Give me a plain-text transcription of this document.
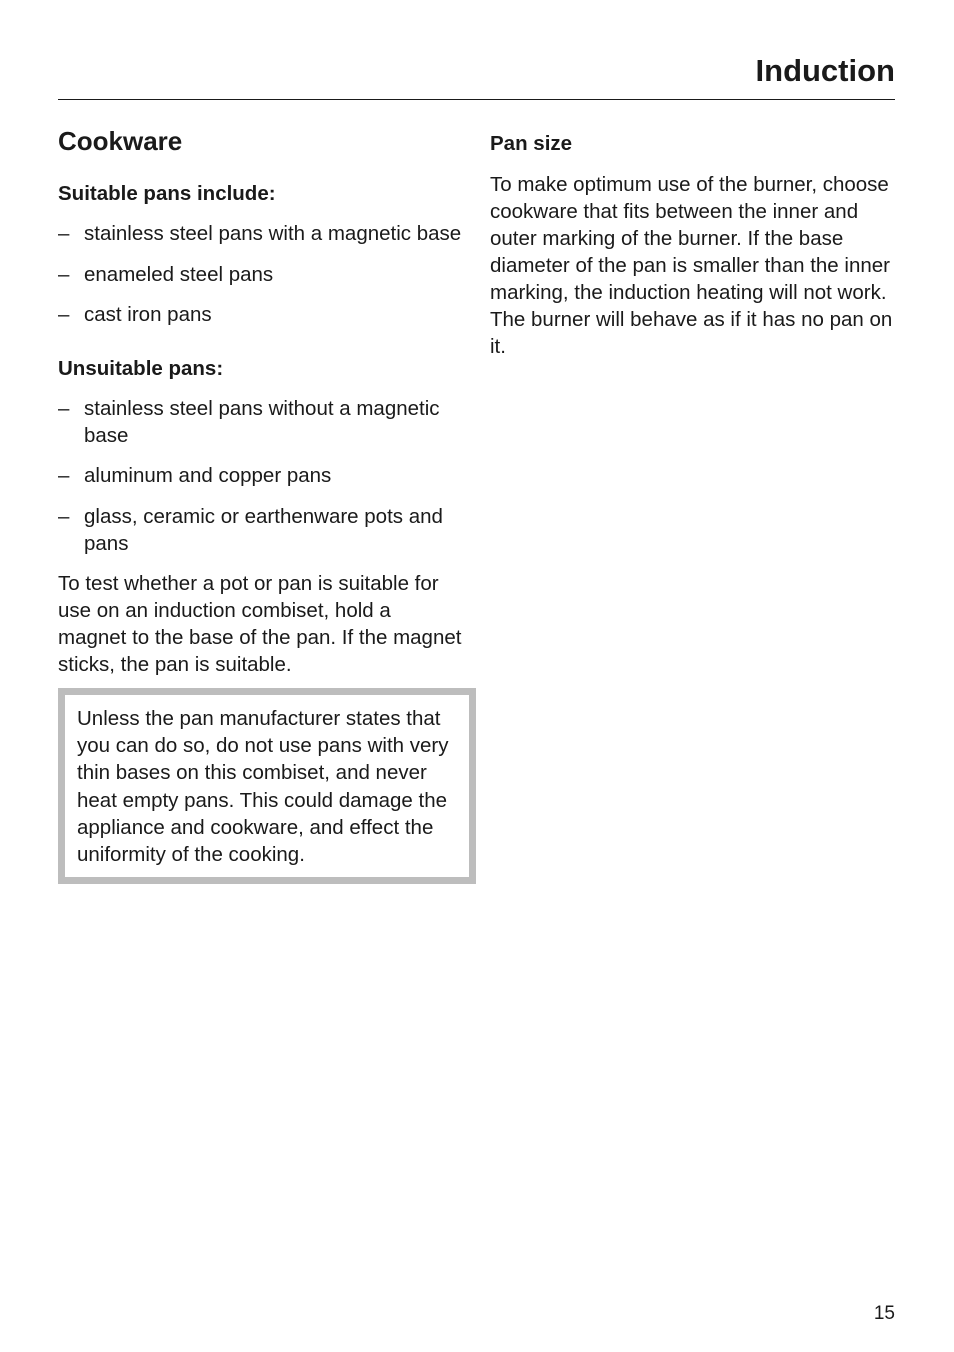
Induction
Cookware
Suitable pans include:
– stainless steel pans with a magnetic base
– enameled steel pans
– cast iron pans
Unsuitable pans:
– stainless steel pans without a magnetic base
– aluminum and copper pans
– glass, ceramic or earthenware pots and pans

To test whether a pot or pan is suitable for use on an induction combiset, hold a magnet to the base of the pan. If the magnet sticks, the pan is suitable.

Unless the pan manufacturer states that you can do so, do not use pans with very thin bases on this combiset, and never heat empty pans. This could damage the appliance and cookware, and effect the uniformity of the cooking.

Pan size

To make optimum use of the burner, choose cookware that fits between the inner and outer marking of the burner. If the base diameter of the pan is smaller than the inner marking, the induction heating will not work. The burner will behave as if it has no pan on it.

15
